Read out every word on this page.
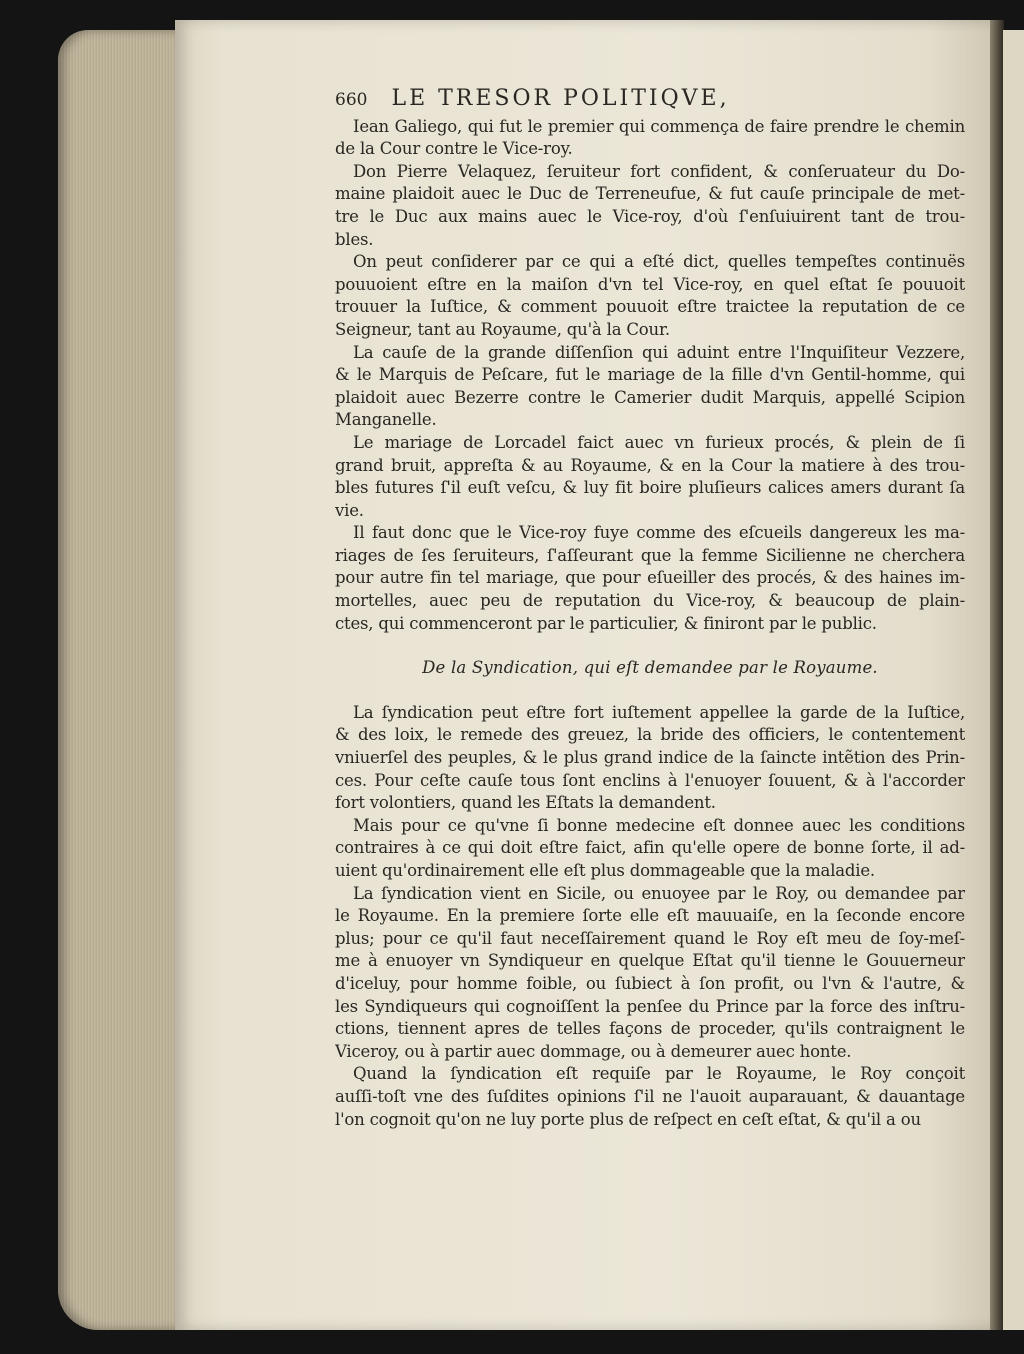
660 LE TRESOR POLITIQVE,
Iean Galiego, qui fut le premier qui commença de faire prendre le chemin
de la Cour contre le Vice-roy.
Don Pierre Velaquez, ſeruiteur fort confident, & conſeruateur du Do-
maine plaidoit auec le Duc de Terreneufue, & fut cauſe principale de met-
tre le Duc aux mains auec le Vice-roy, d'où ſ'enſuiuirent tant de trou-
bles.
On peut conſiderer par ce qui a eſté dict, quelles tempeſtes continuës
pouuoient eſtre en la maiſon d'vn tel Vice-roy, en quel eſtat ſe pouuoit
trouuer la Iuſtice, & comment pouuoit eſtre traictee la reputation de ce
Seigneur, tant au Royaume, qu'à la Cour.
La cauſe de la grande diſſenſion qui aduint entre l'Inquiſiteur Vezzere,
& le Marquis de Peſcare, fut le mariage de la fille d'vn Gentil-homme, qui
plaidoit auec Bezerre contre le Camerier dudit Marquis, appellé Scipion
Manganelle.
Le mariage de Lorcadel faict auec vn furieux procés, & plein de ſi
grand bruit, appreſta & au Royaume, & en la Cour la matiere à des trou-
bles futures ſ'il euſt veſcu, & luy fit boire pluſieurs calices amers durant ſa
vie.
Il faut donc que le Vice-roy fuye comme des eſcueils dangereux les ma-
riages de ſes ſeruiteurs, ſ'aſſeurant que la femme Sicilienne ne cherchera
pour autre fin tel mariage, que pour eſueiller des procés, & des haines im-
mortelles, auec peu de reputation du Vice-roy, & beaucoup de plain-
ctes, qui commenceront par le particulier, & finiront par le public.
De la Syndication, qui eſt demandee par le Royaume.
La ſyndication peut eſtre fort iuſtement appellee la garde de la Iuſtice,
& des loix, le remede des greuez, la bride des officiers, le contentement
vniuerſel des peuples, & le plus grand indice de la ſaincte intẽtion des Prin-
ces. Pour ceſte cauſe tous ſont enclins à l'enuoyer ſouuent, & à l'accorder
fort volontiers, quand les Eſtats la demandent.
Mais pour ce qu'vne ſi bonne medecine eſt donnee auec les conditions
contraires à ce qui doit eſtre faict, afin qu'elle opere de bonne ſorte, il ad-
uient qu'ordinairement elle eſt plus dommageable que la maladie.
La ſyndication vient en Sicile, ou enuoyee par le Roy, ou demandee par
le Royaume. En la premiere ſorte elle eſt mauuaiſe, en la ſeconde encore
plus; pour ce qu'il faut neceſſairement quand le Roy eſt meu de ſoy-meſ-
me à enuoyer vn Syndiqueur en quelque Eſtat qu'il tienne le Gouuerneur
d'iceluy, pour homme foible, ou ſubiect à ſon profit, ou l'vn & l'autre, &
les Syndiqueurs qui cognoiſſent la penſee du Prince par la force des inſtru-
ctions, tiennent apres de telles façons de proceder, qu'ils contraignent le
Viceroy, ou à partir auec dommage, ou à demeurer auec honte.
Quand la ſyndication eſt requiſe par le Royaume, le Roy conçoit
auſſi-toſt vne des ſuſdites opinions ſ'il ne l'auoit auparauant, & dauantage
l'on cognoit qu'on ne luy porte plus de reſpect en ceſt eſtat, & qu'il a ou
